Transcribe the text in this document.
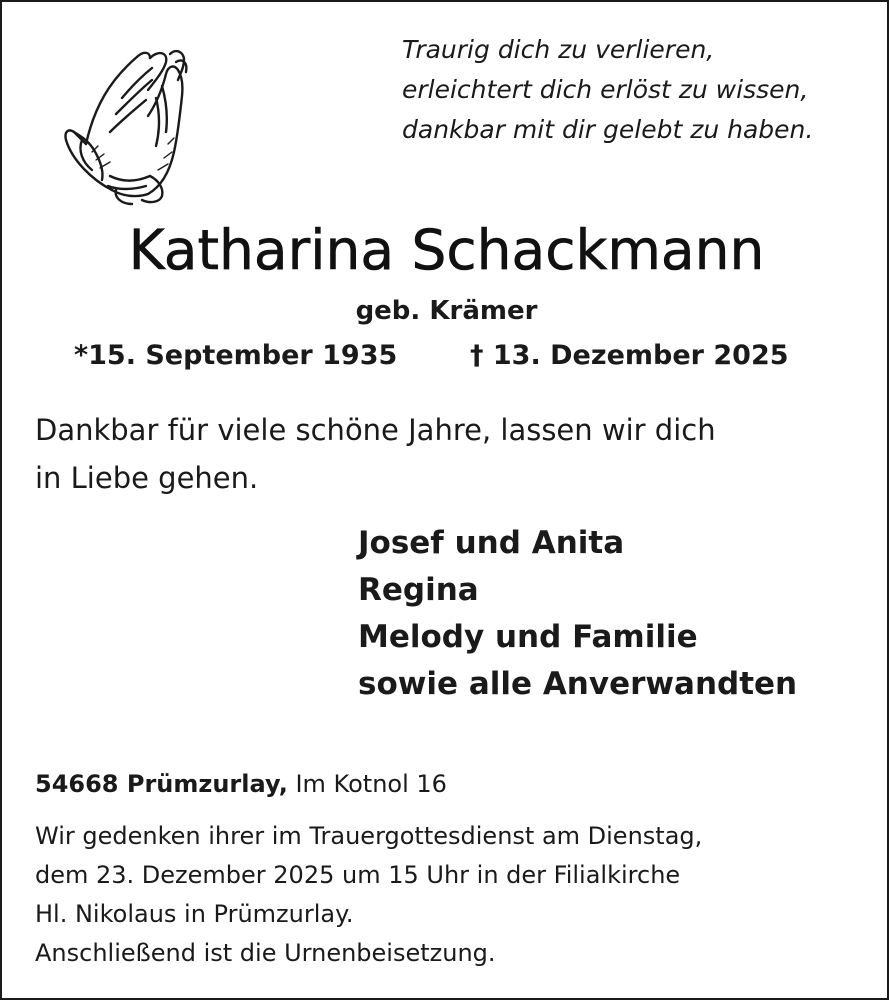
Traurig dich zu verlieren,
erleichtert dich erlöst zu wissen,
dankbar mit dir gelebt zu haben.
Katharina Schackmann
geb. Krämer
*15. September 1935	† 13. Dezember 2025
Dankbar für viele schöne Jahre, lassen wir dich
in Liebe gehen.
Josef und Anita
Regina
Melody und Familie
sowie alle Anverwandten
54668 Prümzurlay, Im Kotnol 16
Wir gedenken ihrer im Trauergottesdienst am Dienstag,
dem 23. Dezember 2025 um 15 Uhr in der Filialkirche
Hl. Nikolaus in Prümzurlay.
Anschließend ist die Urnenbeisetzung.
